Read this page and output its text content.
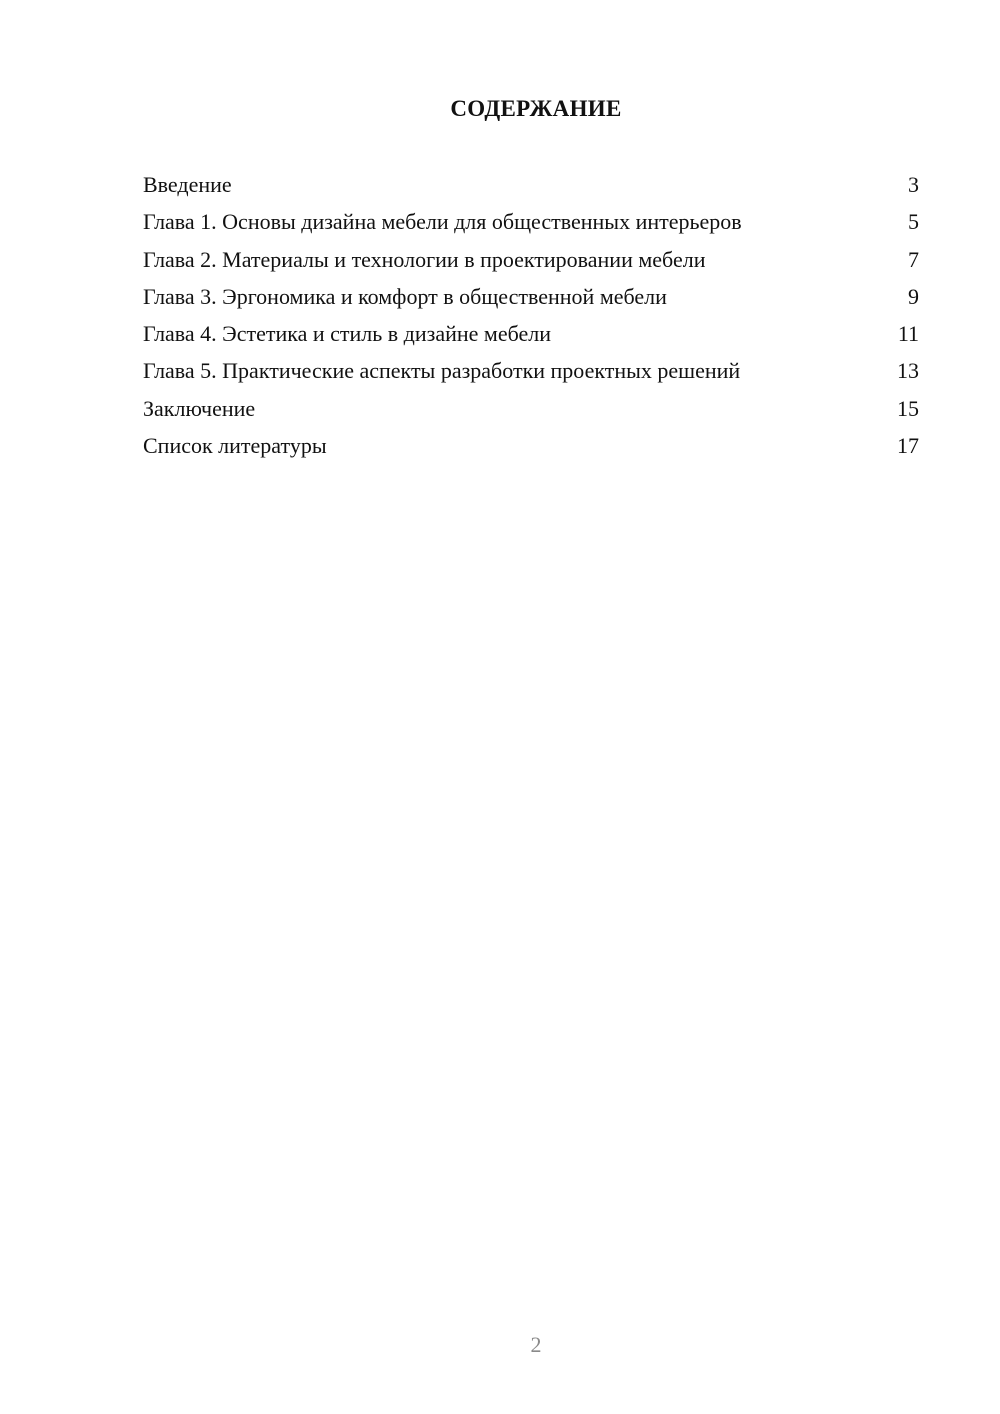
СОДЕРЖАНИЕ
Введение	3
Глава 1. Основы дизайна мебели для общественных интерьеров	5
Глава 2. Материалы и технологии в проектировании мебели	7
Глава 3. Эргономика и комфорт в общественной мебели	9
Глава 4. Эстетика и стиль в дизайне мебели	11
Глава 5. Практические аспекты разработки проектных решений	13
Заключение	15
Список литературы	17
2
